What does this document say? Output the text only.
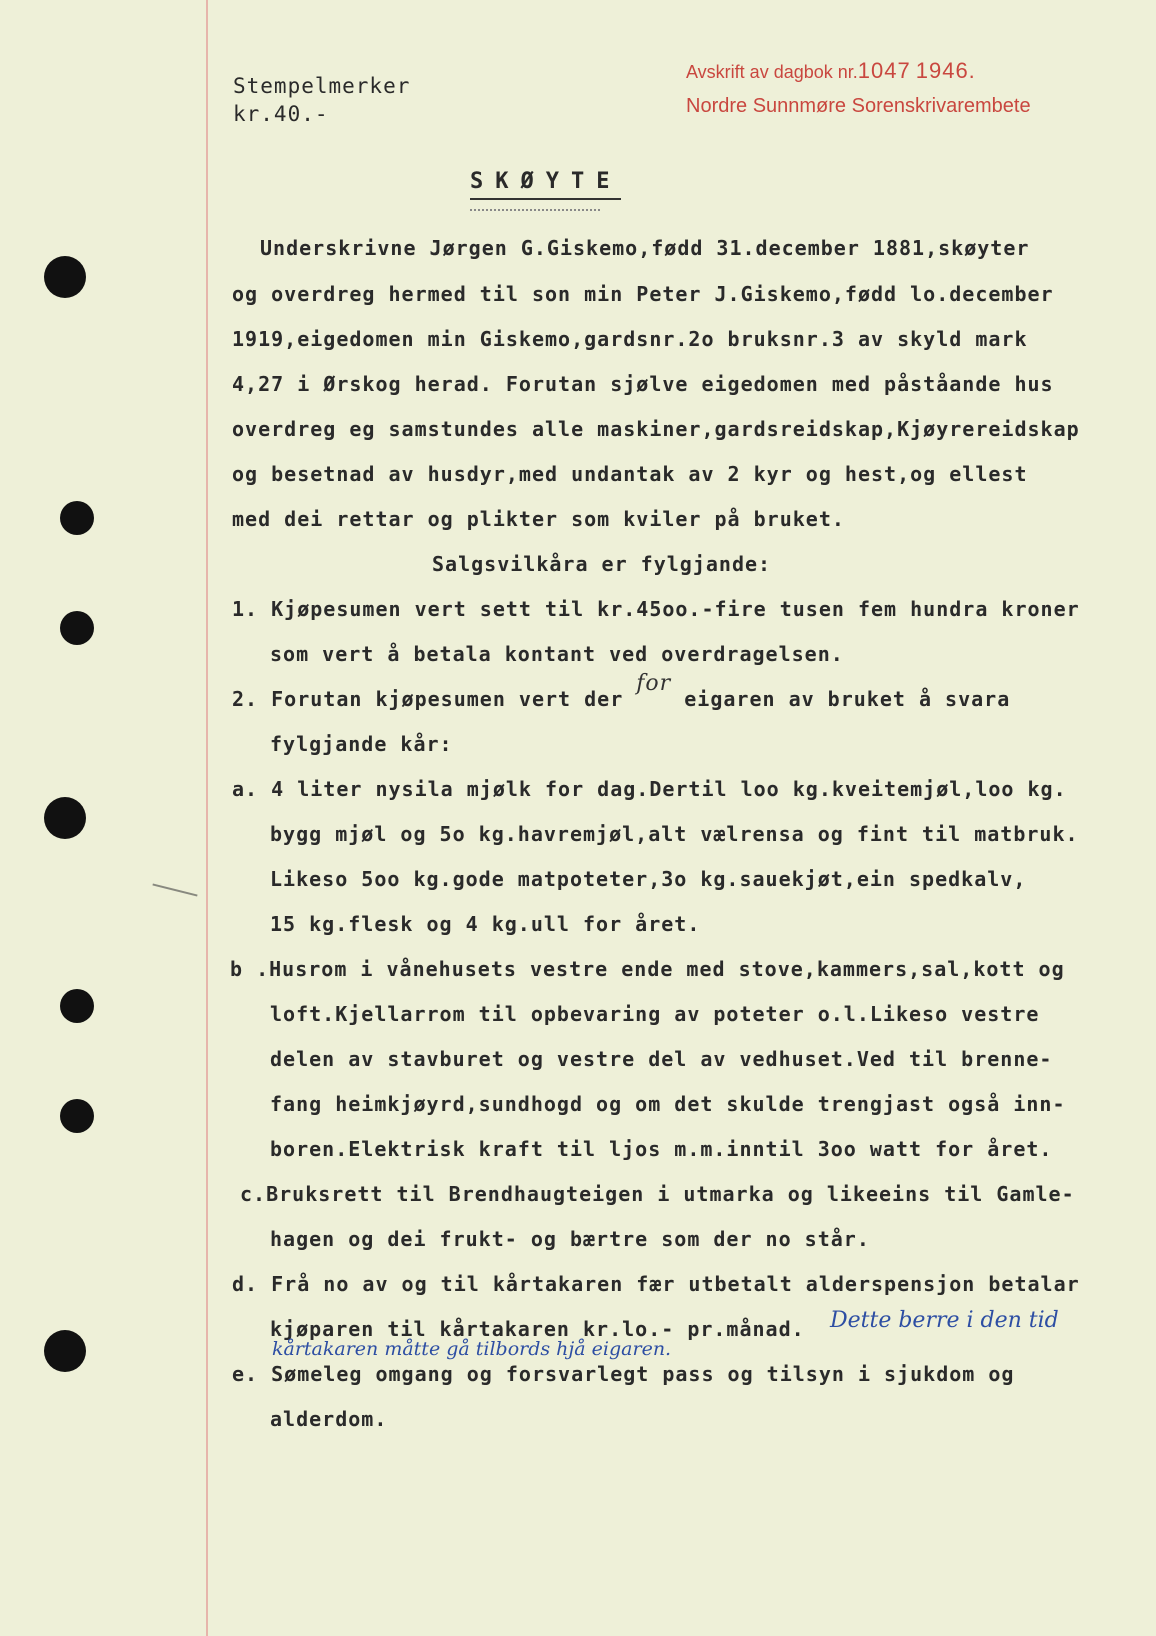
Stempelmerker
kr.40.-
Avskrift av dagbok nr.1047 1946.
Nordre Sunnmøre Sorenskrivarembete
SKØYTE
Underskrivne Jørgen G.Giskemo,fødd 31.december 1881,skøyter
og overdreg hermed til son min Peter J.Giskemo,fødd lo.december
1919,eigedomen min Giskemo,gardsnr.2o bruksnr.3 av skyld mark
4,27 i Ørskog herad. Forutan sjølve eigedomen med påståande hus
overdreg eg samstundes alle maskiner,gardsreidskap,Kjøyrereidskap
og besetnad av husdyr,med undantak av 2 kyr og hest,og ellest
med dei rettar og plikter som kviler på bruket.
Salgsvilkåra er fylgjande:
1. Kjøpesumen vert sett til kr.45oo.-fire tusen fem hundra kroner
som vert å betala kontant ved overdragelsen.
2. Forutan kjøpesumen vert der for eigaren av bruket å svara
fylgjande kår:
a. 4 liter nysila mjølk for dag.Dertil loo kg.kveitemjøl,loo kg.
bygg mjøl og 5o kg.havremjøl,alt vælrensa og fint til matbruk.
Likeso 5oo kg.gode matpoteter,3o kg.sauekjøt,ein spedkalv,
15 kg.flesk og 4 kg.ull for året.
b .Husrom i vånehusets vestre ende med stove,kammers,sal,kott og
loft.Kjellarrom til opbevaring av poteter o.l.Likeso vestre
delen av stavburet og vestre del av vedhuset.Ved til brenne-
fang heimkjøyrd,sundhogd og om det skulde trengjast også inn-
boren.Elektrisk kraft til ljos m.m.inntil 3oo watt for året.
c.Bruksrett til Brendhaugteigen i utmarka og likeeins til Gamle-
hagen og dei frukt- og bærtre som der no står.
d. Frå no av og til kårtakaren fær utbetalt alderspensjon betalar
kjøparen til kårtakaren kr.lo.- pr.månad. Dette berre i den tid
kårtakaren måtte gå tilbords hjå eigaren.
e. Sømeleg omgang og forsvarlegt pass og tilsyn i sjukdom og
alderdom.
